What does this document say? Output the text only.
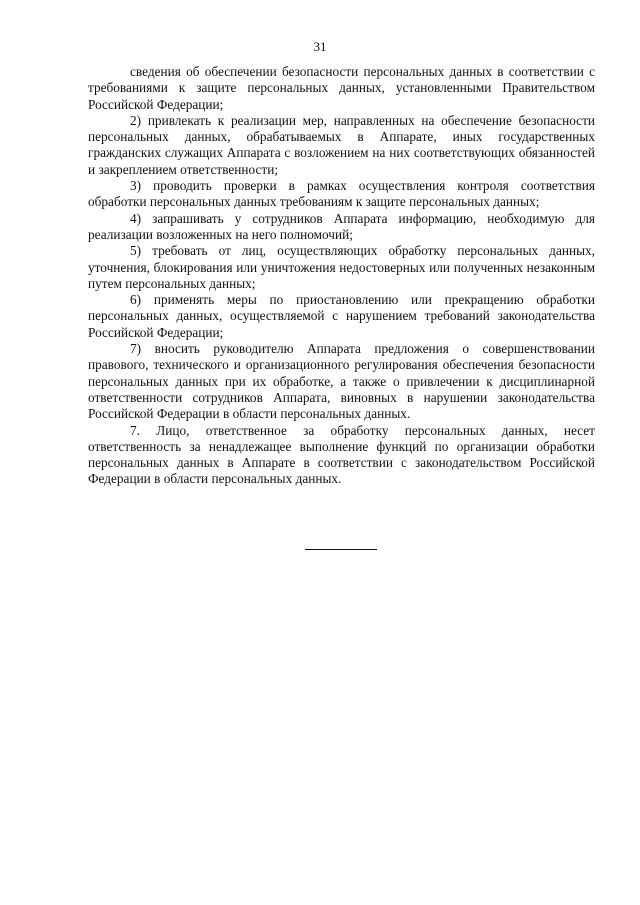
31

сведения об обеспечении безопасности персональных данных в соответствии с требованиями к защите персональных данных, установленными Правительством Российской Федерации;

2) привлекать к реализации мер, направленных на обеспечение безопасности персональных данных, обрабатываемых в Аппарате, иных государственных гражданских служащих Аппарата с возложением на них соответствующих обязанностей и закреплением ответственности;

3) проводить проверки в рамках осуществления контроля соответствия обработки персональных данных требованиям к защите персональных данных;

4) запрашивать у сотрудников Аппарата информацию, необходимую для реализации возложенных на него полномочий;

5) требовать от лиц, осуществляющих обработку персональных данных, уточнения, блокирования или уничтожения недостоверных или полученных незаконным путем персональных данных;

6) применять меры по приостановлению или прекращению обработки персональных данных, осуществляемой с нарушением требований законодательства Российской Федерации;

7) вносить руководителю Аппарата предложения о совершенствовании правового, технического и организационного регулирования обеспечения безопасности персональных данных при их обработке, а также о привлечении к дисциплинарной ответственности сотрудников Аппарата, виновных в нарушении законодательства Российской Федерации в области персональных данных.

7. Лицо, ответственное за обработку персональных данных, несет ответственность за ненадлежащее выполнение функций по организации обработки персональных данных в Аппарате в соответствии с законодательством Российской Федерации в области персональных данных.
